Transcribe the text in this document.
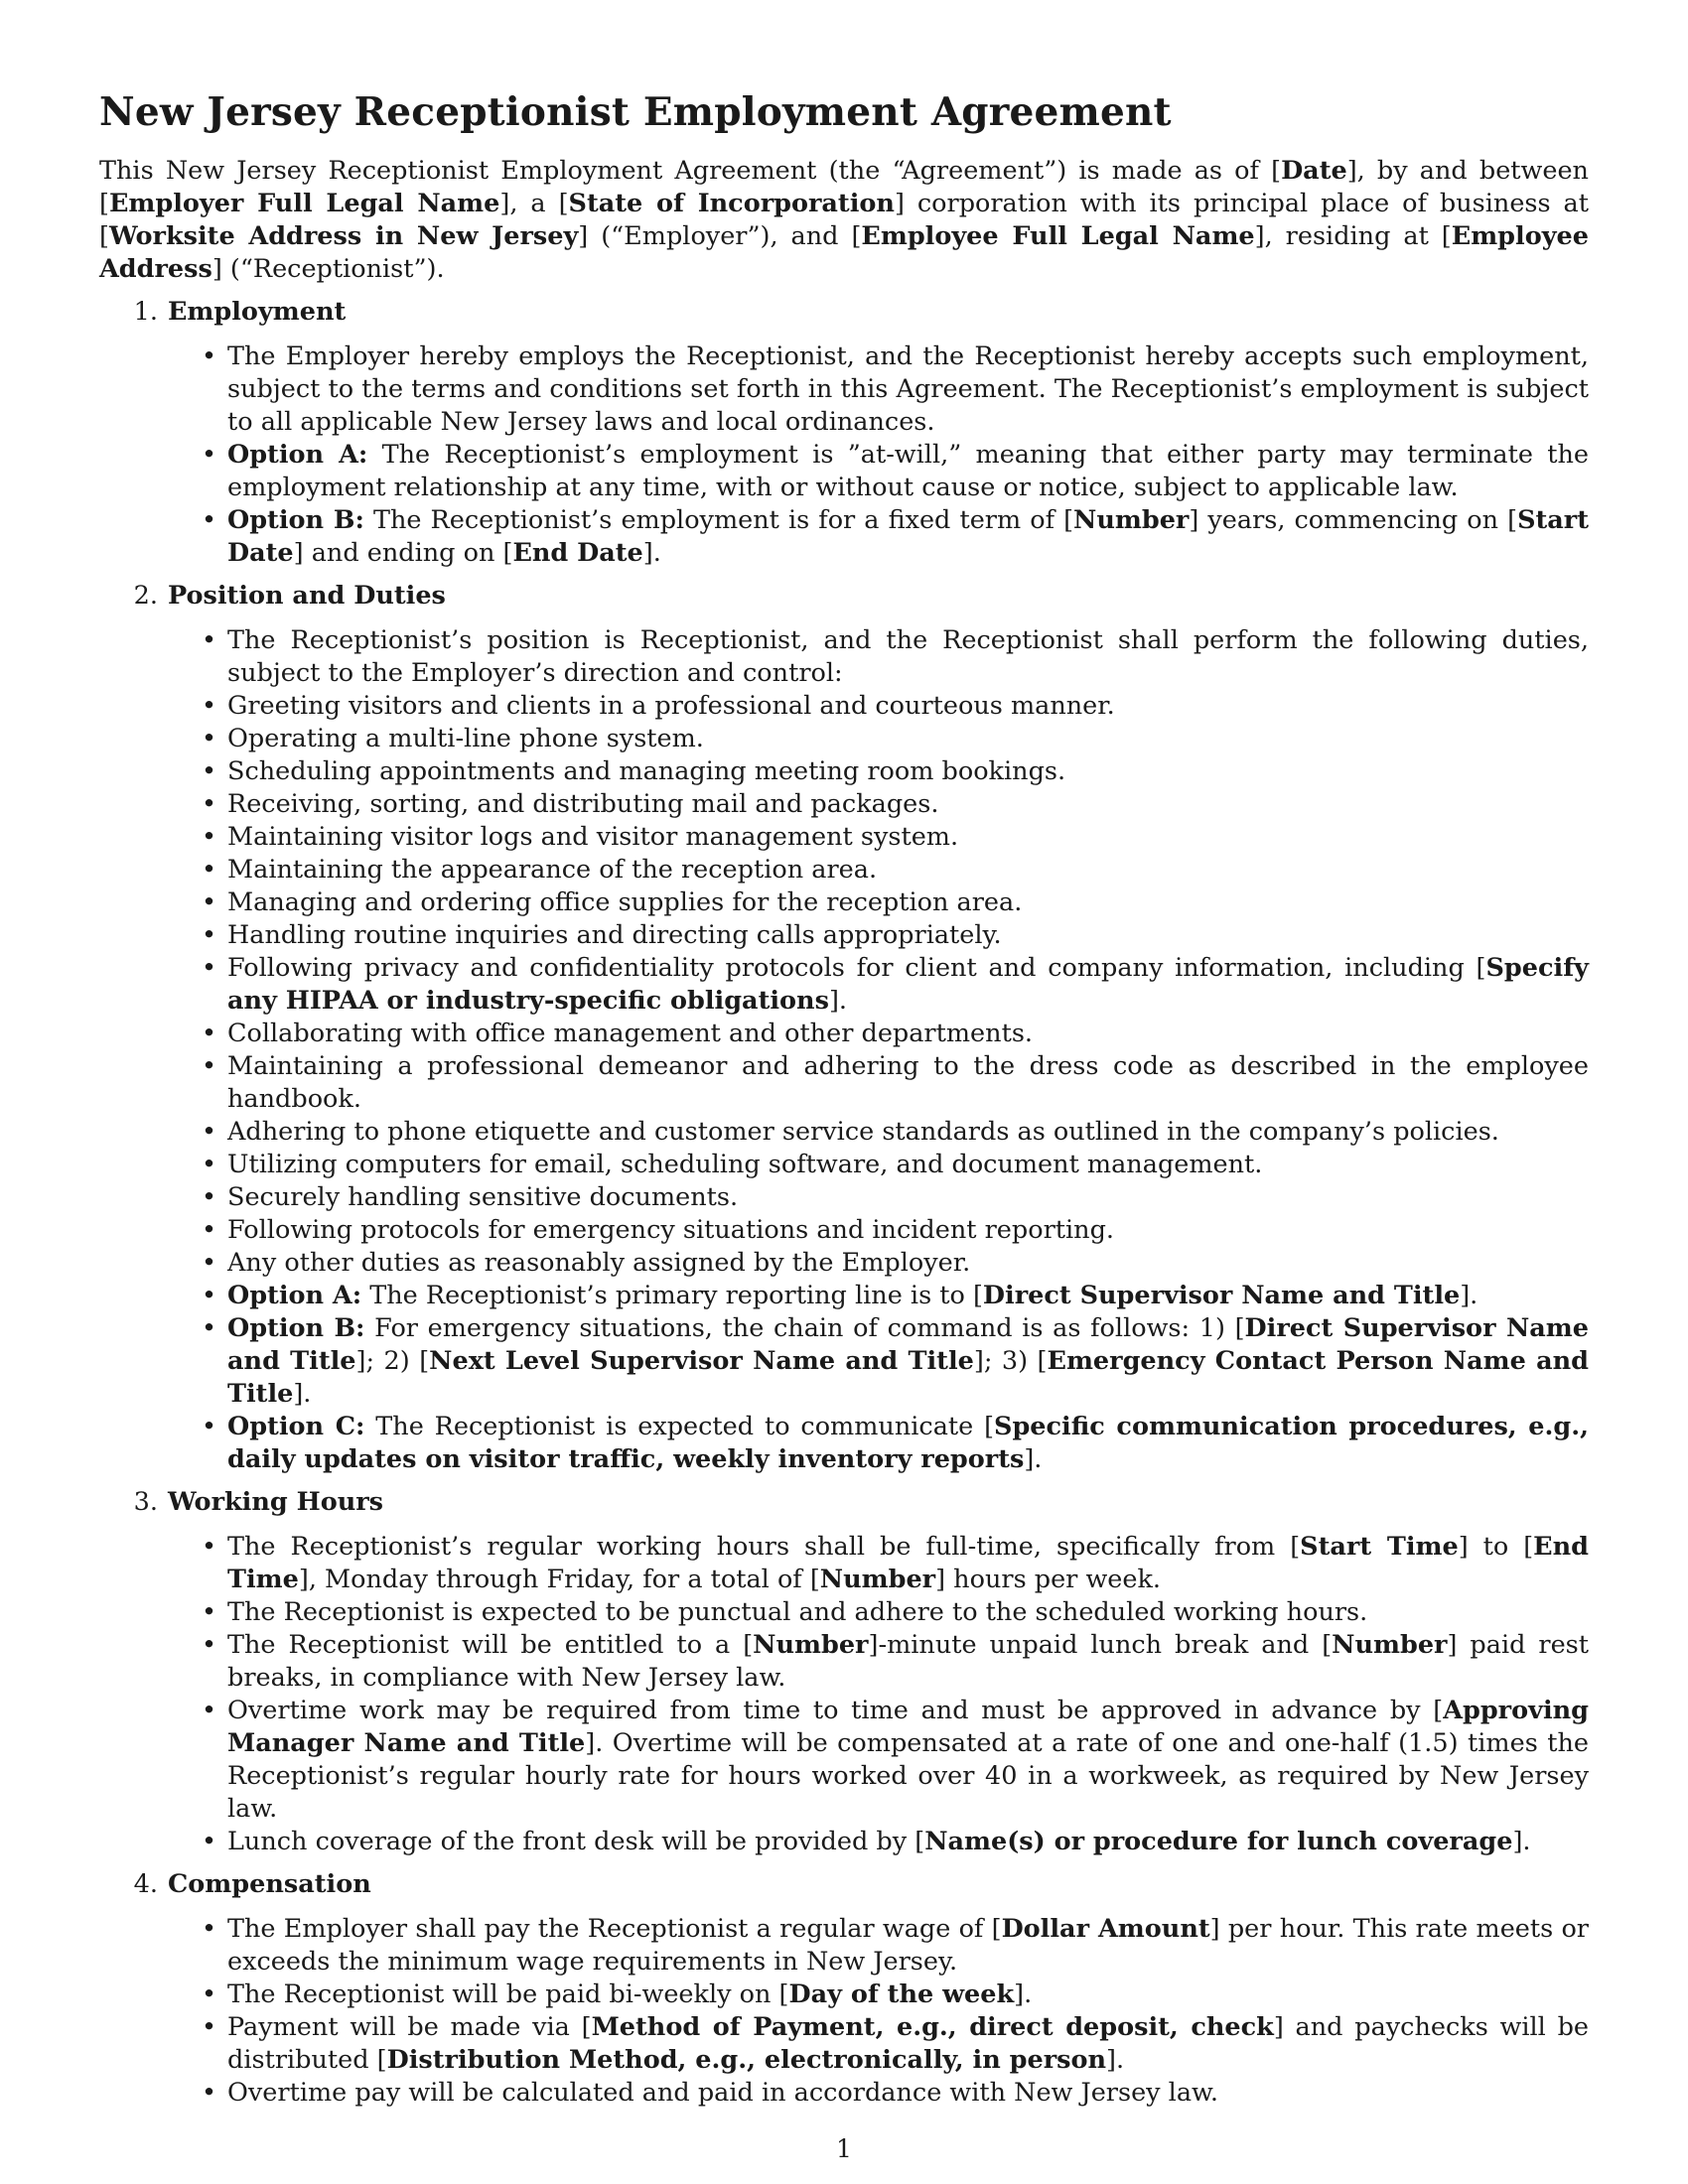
New Jersey Receptionist Employment Agreement

This New Jersey Receptionist Employment Agreement (the “Agreement”) is made as of [Date], by and between [Employer Full Legal Name], a [State of Incorporation] corporation with its principal place of business at [Worksite Address in New Jersey] (“Employer”), and [Employee Full Legal Name], residing at [Employee Address] (“Receptionist”).

1. Employment
• The Employer hereby employs the Receptionist, and the Receptionist hereby accepts such employment, subject to the terms and conditions set forth in this Agreement. The Receptionist’s employment is subject to all applicable New Jersey laws and local ordinances.
• Option A: The Receptionist’s employment is ”at-will,” meaning that either party may terminate the employment relationship at any time, with or without cause or notice, subject to applicable law.
• Option B: The Receptionist’s employment is for a fixed term of [Number] years, commencing on [Start Date] and ending on [End Date].
2. Position and Duties
• The Receptionist’s position is Receptionist, and the Receptionist shall perform the following duties, subject to the Employer’s direction and control:
• Greeting visitors and clients in a professional and courteous manner.
• Operating a multi-line phone system.
• Scheduling appointments and managing meeting room bookings.
• Receiving, sorting, and distributing mail and packages.
• Maintaining visitor logs and visitor management system.
• Maintaining the appearance of the reception area.
• Managing and ordering office supplies for the reception area.
• Handling routine inquiries and directing calls appropriately.
• Following privacy and confidentiality protocols for client and company information, including [Specify any HIPAA or industry-specific obligations].
• Collaborating with office management and other departments.
• Maintaining a professional demeanor and adhering to the dress code as described in the employee handbook.
• Adhering to phone etiquette and customer service standards as outlined in the company’s policies.
• Utilizing computers for email, scheduling software, and document management.
• Securely handling sensitive documents.
• Following protocols for emergency situations and incident reporting.
• Any other duties as reasonably assigned by the Employer.
• Option A: The Receptionist’s primary reporting line is to [Direct Supervisor Name and Title].
• Option B: For emergency situations, the chain of command is as follows: 1) [Direct Supervisor Name and Title]; 2) [Next Level Supervisor Name and Title]; 3) [Emergency Contact Person Name and Title].
• Option C: The Receptionist is expected to communicate [Specific communication procedures, e.g., daily updates on visitor traffic, weekly inventory reports].
3. Working Hours
• The Receptionist’s regular working hours shall be full-time, specifically from [Start Time] to [End Time], Monday through Friday, for a total of [Number] hours per week.
• The Receptionist is expected to be punctual and adhere to the scheduled working hours.
• The Receptionist will be entitled to a [Number]-minute unpaid lunch break and [Number] paid rest breaks, in compliance with New Jersey law.
• Overtime work may be required from time to time and must be approved in advance by [Approving Manager Name and Title]. Overtime will be compensated at a rate of one and one-half (1.5) times the Receptionist’s regular hourly rate for hours worked over 40 in a workweek, as required by New Jersey law.
• Lunch coverage of the front desk will be provided by [Name(s) or procedure for lunch coverage].
4. Compensation
• The Employer shall pay the Receptionist a regular wage of [Dollar Amount] per hour. This rate meets or exceeds the minimum wage requirements in New Jersey.
• The Receptionist will be paid bi-weekly on [Day of the week].
• Payment will be made via [Method of Payment, e.g., direct deposit, check] and paychecks will be distributed [Distribution Method, e.g., electronically, in person].
• Overtime pay will be calculated and paid in accordance with New Jersey law.
1
